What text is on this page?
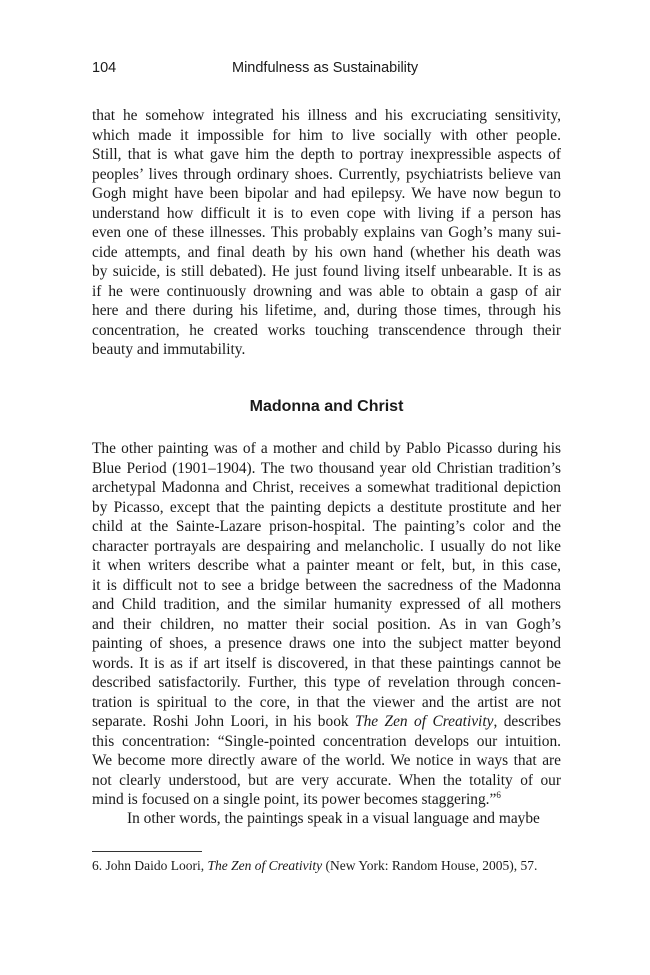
104	Mindfulness as Sustainability

that he somehow integrated his illness and his excruciating sensitivity,
which made it impossible for him to live socially with other people.
Still, that is what gave him the depth to portray inexpressible aspects of
peoples’ lives through ordinary shoes. Currently, psychiatrists believe van
Gogh might have been bipolar and had epilepsy. We have now begun to
understand how difficult it is to even cope with living if a person has
even one of these illnesses. This probably explains van Gogh’s many sui-
cide attempts, and final death by his own hand (whether his death was
by suicide, is still debated). He just found living itself unbearable. It is as
if he were continuously drowning and was able to obtain a gasp of air
here and there during his lifetime, and, during those times, through his
concentration, he created works touching transcendence through their
beauty and immutability.

Madonna and Christ

The other painting was of a mother and child by Pablo Picasso during his
Blue Period (1901–1904). The two thousand year old Christian tradition’s
archetypal Madonna and Christ, receives a somewhat traditional depiction
by Picasso, except that the painting depicts a destitute prostitute and her
child at the Sainte-Lazare prison-hospital. The painting’s color and the
character portrayals are despairing and melancholic. I usually do not like
it when writers describe what a painter meant or felt, but, in this case,
it is difficult not to see a bridge between the sacredness of the Madonna
and Child tradition, and the similar humanity expressed of all mothers
and their children, no matter their social position. As in van Gogh’s
painting of shoes, a presence draws one into the subject matter beyond
words. It is as if art itself is discovered, in that these paintings cannot be
described satisfactorily. Further, this type of revelation through concen-
tration is spiritual to the core, in that the viewer and the artist are not
separate. Roshi John Loori, in his book The Zen of Creativity, describes
this concentration: “Single-pointed concentration develops our intuition.
We become more directly aware of the world. We notice in ways that are
not clearly understood, but are very accurate. When the totality of our
mind is focused on a single point, its power becomes staggering.”$^6$

In other words, the paintings speak in a visual language and maybe

6. John Daido Loori, The Zen of Creativity (New York: Random House, 2005), 57.
